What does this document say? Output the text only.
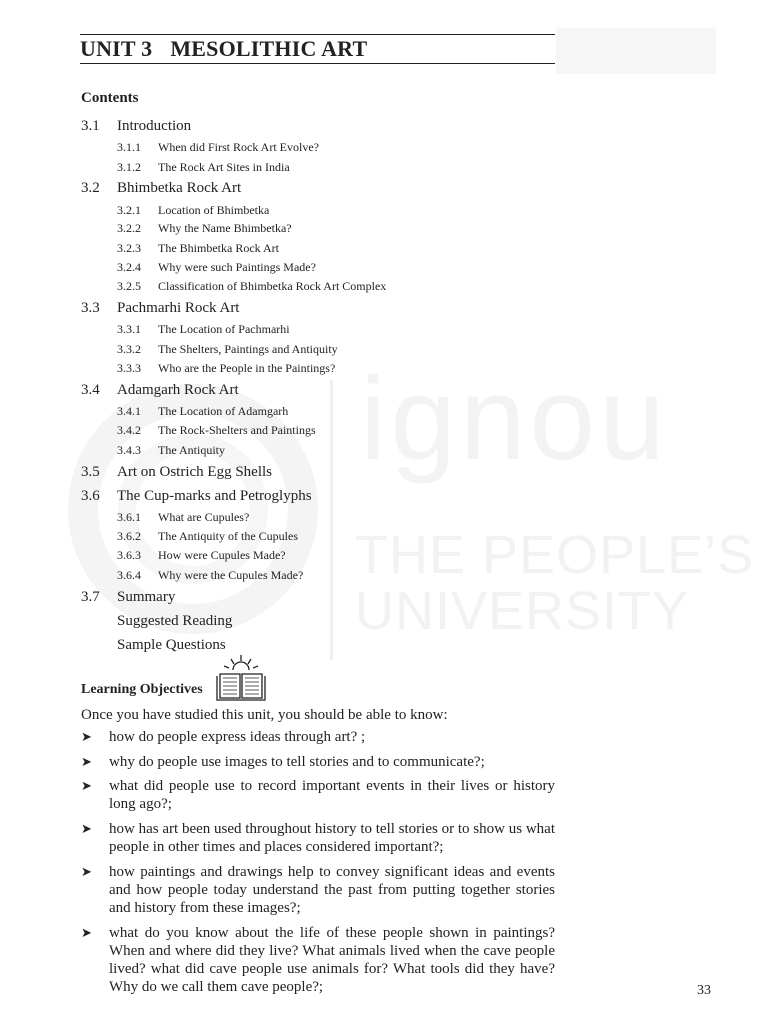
ignou
THE PEOPLE’S
UNIVERSITY
UNIT 3 MESOLITHIC ART
Contents
3.1 Introduction
3.1.1 When did First Rock Art Evolve?
3.1.2 The Rock Art Sites in India
3.2 Bhimbetka Rock Art
3.2.1 Location of Bhimbetka
3.2.2 Why the Name Bhimbetka?
3.2.3 The Bhimbetka Rock Art
3.2.4 Why were such Paintings Made?
3.2.5 Classification of Bhimbetka Rock Art Complex
3.3 Pachmarhi Rock Art
3.3.1 The Location of Pachmarhi
3.3.2 The Shelters, Paintings and Antiquity
3.3.3 Who are the People in the Paintings?
3.4 Adamgarh Rock Art
3.4.1 The Location of Adamgarh
3.4.2 The Rock-Shelters and Paintings
3.4.3 The Antiquity
3.5 Art on Ostrich Egg Shells
3.6 The Cup-marks and Petroglyphs
3.6.1 What are Cupules?
3.6.2 The Antiquity of the Cupules
3.6.3 How were Cupules Made?
3.6.4 Why were the Cupules Made?
3.7 Summary
Suggested Reading
Sample Questions
Learning Objectives
Once you have studied this unit, you should be able to know:
➤ how do people express ideas through art? ;
➤ why do people use images to tell stories and to communicate?;
➤ what did people use to record important events in their lives or history long ago?;
➤ how has art been used throughout history to tell stories or to show us what people in other times and places considered important?;
➤ how paintings and drawings help to convey significant ideas and events and how people today understand the past from putting together stories and history from these images?;
➤ what do you know about the life of these people shown in paintings? When and where did they live? What animals lived when the cave people lived? what did cave people use animals for? What tools did they have? Why do we call them cave people?;	33
